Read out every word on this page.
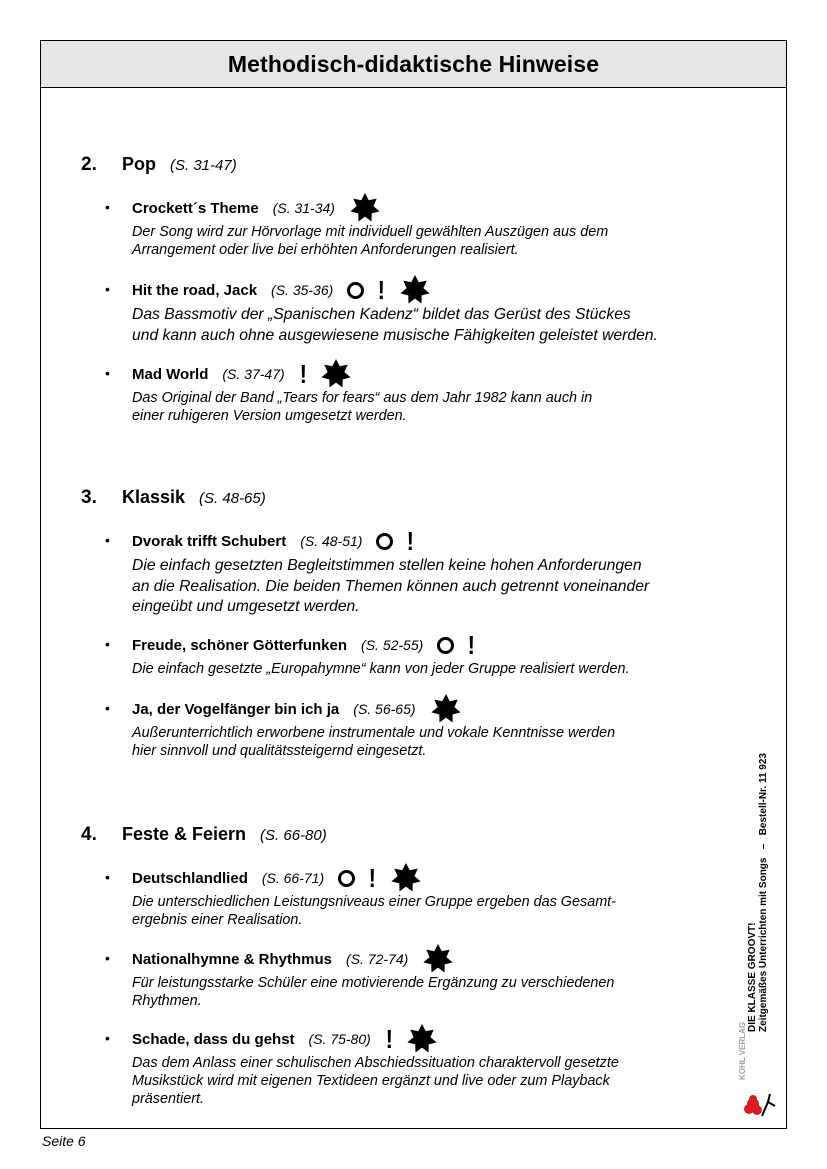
Methodisch-didaktische Hinweise
2.	Pop (S. 31-47)
•	Crockett´s Theme (S. 31-34)
Der Song wird zur Hörvorlage mit individuell gewählten Auszügen aus dem
Arrangement oder live bei erhöhten Anforderungen realisiert.
•	Hit the road, Jack (S. 35-36) !
Das Bassmotiv der „Spanischen Kadenz“ bildet das Gerüst des Stückes
und kann auch ohne ausgewiesene musische Fähigkeiten geleistet werden.
•	Mad World (S. 37-47) !
Das Original der Band „Tears for fears“ aus dem Jahr 1982 kann auch in
einer ruhigeren Version umgesetzt werden.
3.	Klassik (S. 48-65)
•	Dvorak trifft Schubert (S. 48-51) !
Die einfach gesetzten Begleitstimmen stellen keine hohen Anforderungen
an die Realisation. Die beiden Themen können auch getrennt voneinander
eingeübt und umgesetzt werden.
•	Freude, schöner Götterfunken (S. 52-55) !
Die einfach gesetzte „Europahymne“ kann von jeder Gruppe realisiert werden.
•	Ja, der Vogelfänger bin ich ja (S. 56-65)
Außerunterrichtlich erworbene instrumentale und vokale Kenntnisse werden
hier sinnvoll und qualitätssteigernd eingesetzt.
4.	Feste & Feiern (S. 66-80)
•	Deutschlandlied (S. 66-71) !
Die unterschiedlichen Leistungsniveaus einer Gruppe ergeben das Gesamt-
ergebnis einer Realisation.
•	Nationalhymne & Rhythmus (S. 72-74)
Für leistungsstarke Schüler eine motivierende Ergänzung zu verschiedenen
Rhythmen.
•	Schade, dass du gehst (S. 75-80) !
Das dem Anlass einer schulischen Abschiedssituation charaktervoll gesetzte
Musikstück wird mit eigenen Textideen ergänzt und live oder zum Playback
präsentiert.
DIE KLASSE GROOVT! Zeitgemäßes Unterrichten mit Songs   –   Bestell-Nr. 11 923
KOHL VERLAG
Seite 6
